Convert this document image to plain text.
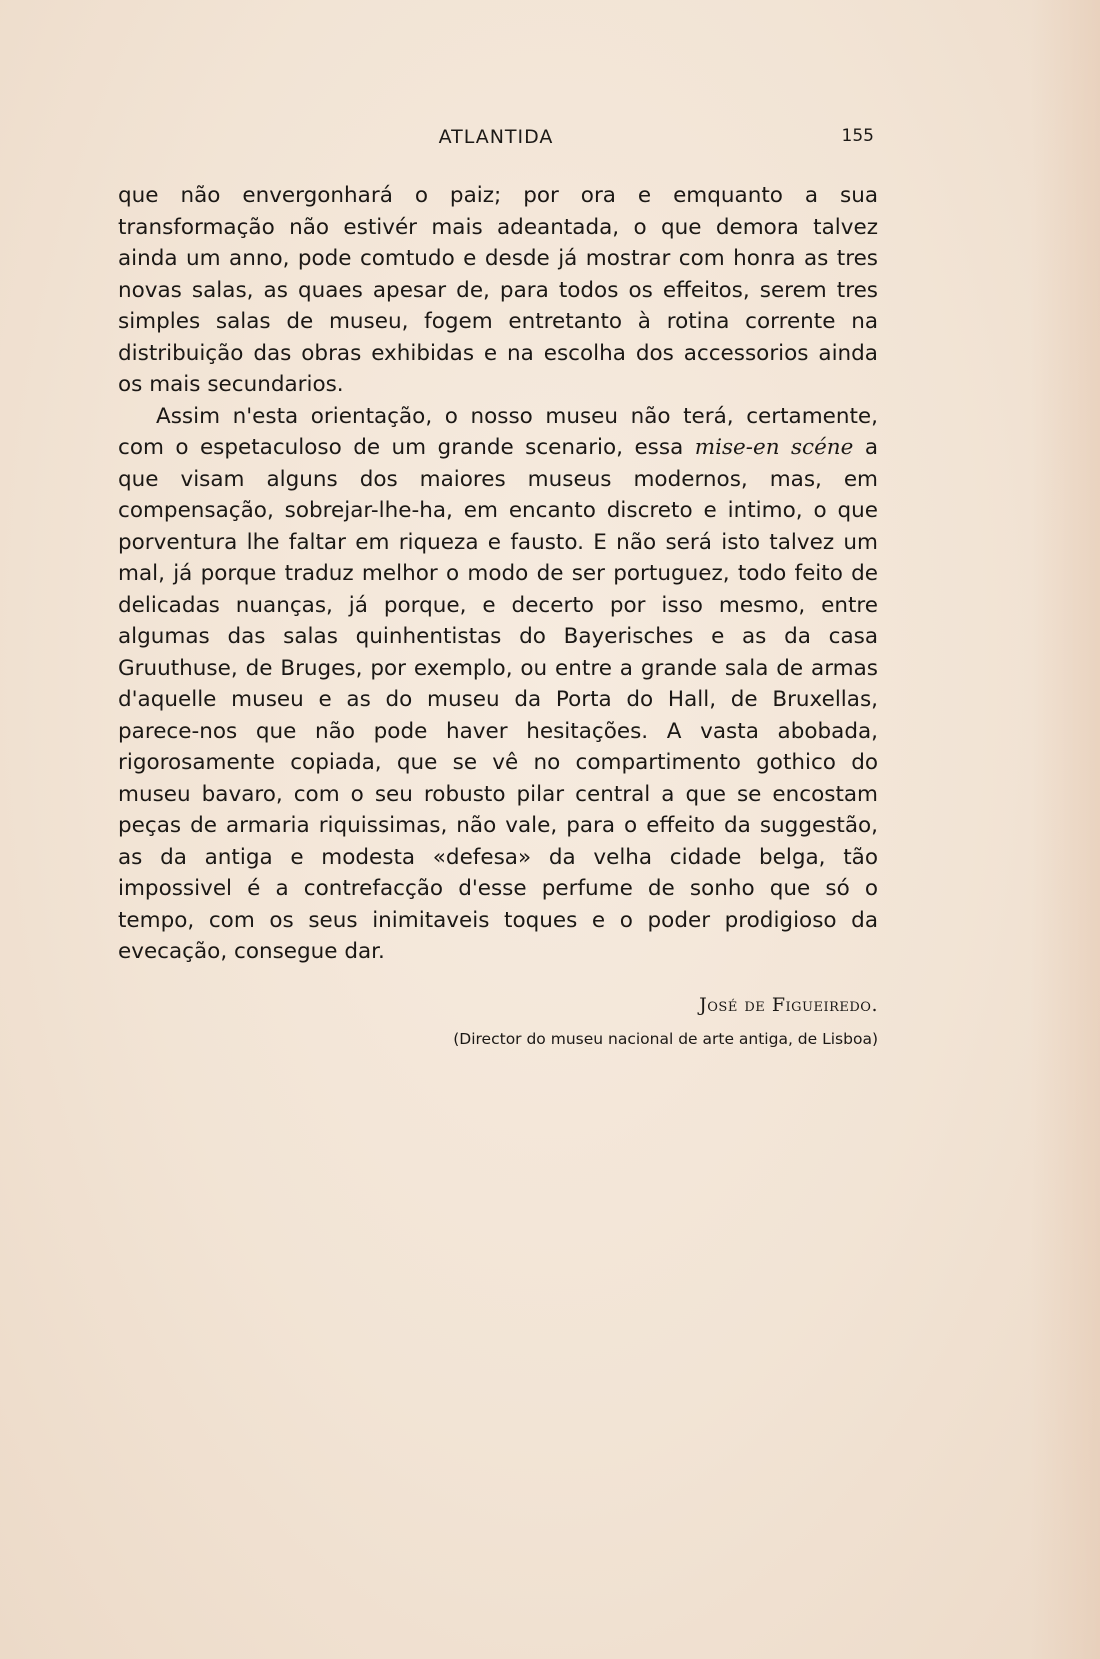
ATLANTIDA	155

que não envergonhará o paiz; por ora e emquanto a sua transformação não estivér mais adeantada, o que demora talvez ainda um anno, pode comtudo e desde já mostrar com honra as tres novas salas, as quaes apesar de, para todos os effeitos, serem tres simples salas de museu, fogem entretanto à rotina corrente na distribuição das obras exhibidas e na escolha dos accessorios ainda os mais secundarios.

Assim n'esta orientação, o nosso museu não terá, certamente, com o espetaculoso de um grande scenario, essa mise-en scéne a que visam alguns dos maiores museus modernos, mas, em compensação, sobrejar-lhe-ha, em encanto discreto e intimo, o que porventura lhe faltar em riqueza e fausto. E não será isto talvez um mal, já porque traduz melhor o modo de ser portuguez, todo feito de delicadas nuanças, já porque, e decerto por isso mesmo, entre algumas das salas quinhentistas do Bayerisches e as da casa Gruuthuse, de Bruges, por exemplo, ou entre a grande sala de armas d'aquelle museu e as do museu da Porta do Hall, de Bruxellas, parece-nos que não pode haver hesitações. A vasta abobada, rigorosamente copiada, que se vê no compartimento gothico do museu bavaro, com o seu robusto pilar central a que se encostam peças de armaria riquissimas, não vale, para o effeito da suggestão, as da antiga e modesta «defesa» da velha cidade belga, tão impossivel é a contrefacção d'esse perfume de sonho que só o tempo, com os seus inimitaveis toques e o poder prodigioso da evecação, consegue dar.

José de Figueiredo.
(Director do museu nacional de arte antiga, de Lisboa)
